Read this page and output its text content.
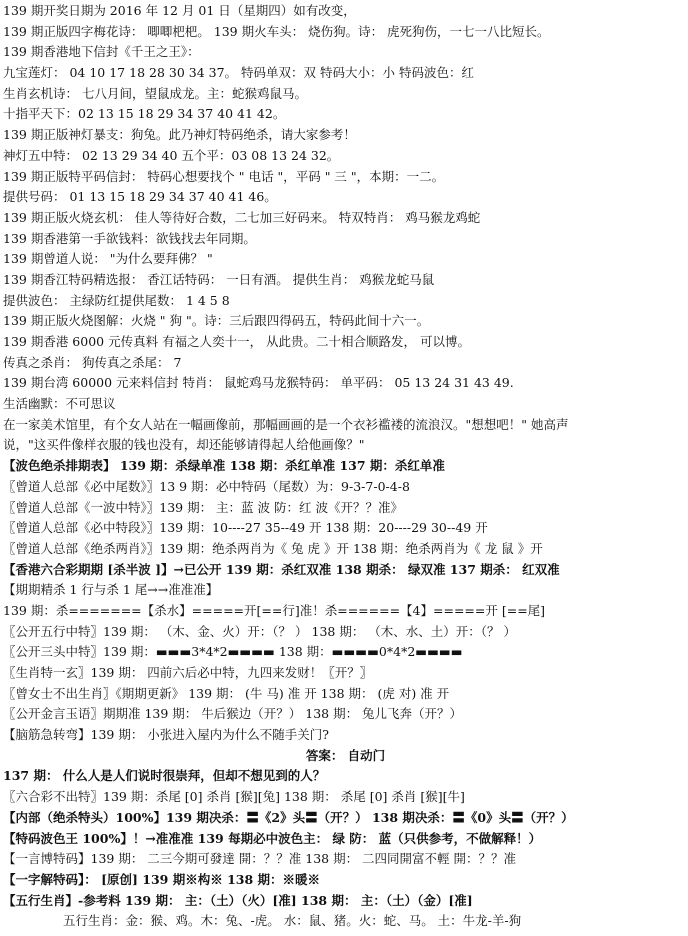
139 期开奖日期为 2016 年 12 月 01 日（星期四）如有改变，
139 期正版四字梅花诗： 唧唧杷杷。 139 期火车头： 烧伤狗。诗： 虎死狗伤，一七一八比短长。
139 期香港地下信封《千王之王》：
九宝莲灯： 04 10 17 18 28 30 34 37。 特码单双：双 特码大小：小 特码波色：红
生肖玄机诗： 七八月间，望鼠成龙。主：蛇猴鸡鼠马。
十指平天下：02 13 15 18 29 34 37 40 41 42。
139 期正版神灯暴支：狗兔。此乃神灯特码绝杀，请大家参考！
神灯五中特： 02 13 29 34 40 五个平：03 08 13 24 32。
139 期正版特平码信封： 特码心想要找个 " 电话 "，平码 " 三 "，本期：一二。
提供号码： 01 13 15 18 29 34 37 40 41 46。
139 期正版火烧玄机： 佳人等待好合数，二七加三好码来。 特双特肖： 鸡马猴龙鸡蛇
139 期香港第一手欲钱料：欲钱找去年同期。
139 期曾道人说： "为什么要拜佛？ "
139 期香江特码精选报： 香江话特码： 一日有酒。 提供生肖： 鸡猴龙蛇马鼠
提供波色： 主绿防红提供尾数： 1 4 5 8
139 期正版火烧图解：火烧 " 狗 "。诗：三后跟四得码五，特码此间十六一。
139 期香港 6000 元传真料 有福之人奕十一， 从此贵。二十相合顺路发， 可以博。
传真之杀肖： 狗传真之杀尾： 7
139 期台湾 60000 元来料信封 特肖： 鼠蛇鸡马龙猴特码： 单平码： 05 13 24 31 43 49.
生活幽默：不可思议
在一家美术馆里，有个女人站在一幅画像前，那幅画画的是一个衣衫褴褛的流浪汉。"想想吧！" 她高声
说，"这买件像样衣服的钱也没有，却还能够请得起人给他画像？"
【波色绝杀排期表】 139 期：杀绿单准 138 期：杀红单准 137 期：杀红单准
〖曾道人总部《必中尾数》〗13 9 期：必中特码（尾数）为：9-3-7-0-4-8
〖曾道人总部《一波中特》〗139 期： 主：蓝 波 防：红 波《开？？准》
〖曾道人总部《必中特段》〗139 期：10----27 35--49 开 138 期：20----29 30--49 开
〖曾道人总部《绝杀两肖》〗139 期：绝杀两肖为《 兔 虎 》开 138 期：绝杀两肖为《 龙 鼠 》开
【香港六合彩期期 [杀半波 ]】→已公开 139 期：杀红双准 138 期杀： 绿双准 137 期杀： 红双准
【期期精杀 1 行与杀 1 尾→→准准准】
139 期：杀=======【杀水】=====开[==行]准！杀======【4】=====开 [==尾]
〖公开五行中特〗139 期： （木、金、火）开：（？ ） 138 期： （木、水、土）开：（？ ）
〖公开三头中特〗139 期：▬▬▬3*4*2▬▬▬▬ 138 期：▬▬▬▬0*4*2▬▬▬▬
〖生肖特一玄〗139 期： 四前六后必中特，九四来发财！〖开？〗
〖曾女士不出生肖〗《期期更新》 139 期： (牛 马) 准 开 138 期： (虎 对) 准 开
〖公开金言玉语〗期期准 139 期： 牛后猴边（开？） 138 期： 兔儿飞奔（开？）
【脑筋急转弯】139 期： 小张进入屋内为什么不随手关门?
答案： 自动门
137 期： 什么人是人们说时很崇拜，但却不想见到的人？
〖六合彩不出特〗139 期：杀尾 [0] 杀肖 [猴][兔] 138 期： 杀尾 [0] 杀肖 [猴][牛]
【内部（绝杀特头）100%】139 期决杀：〓《2》头〓（开？） 138 期决杀：〓《0》头〓（开？）
【特码波色王 100%】！→准准准 139 每期必中波色主： 绿 防： 蓝（只供参考，不做解释！）
【一言博特码】139 期： 二三今期可發達 開：？？准 138 期： 二四同開富不輕 開：？？准
【一字解特码】： [原创] 139 期※构※ 138 期：※暖※
【五行生肖】-参考料 139 期： 主：（土）（火）[准] 138 期： 主：（土）（金）[准]
五行生肖：金：猴、鸡。木：兔、-虎。 水：鼠、猪。火：蛇、马。 土：牛龙-羊-狗
